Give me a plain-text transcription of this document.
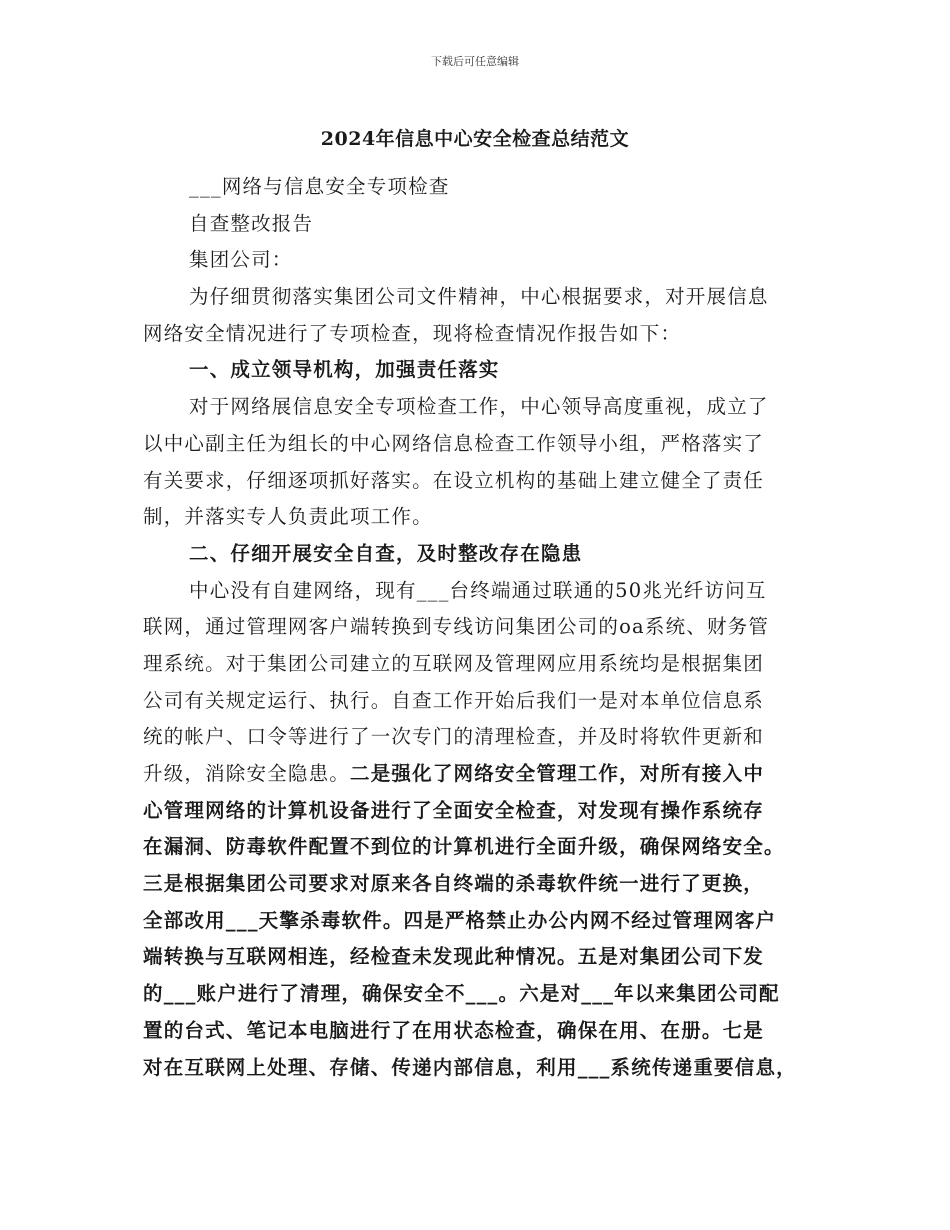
下载后可任意编辑
2024年信息中心安全检查总结范文
___网络与信息安全专项检查
自查整改报告
集团公司：
为仔细贯彻落实集团公司文件精神，中心根据要求，对开展信息
网络安全情况进行了专项检查，现将检查情况作报告如下：
一、成立领导机构，加强责任落实
对于网络展信息安全专项检查工作，中心领导高度重视，成立了
以中心副主任为组长的中心网络信息检查工作领导小组，严格落实了
有关要求，仔细逐项抓好落实。在设立机构的基础上建立健全了责任
制，并落实专人负责此项工作。
二、仔细开展安全自查，及时整改存在隐患
中心没有自建网络，现有___台终端通过联通的50兆光纤访问互
联网，通过管理网客户端转换到专线访问集团公司的oa系统、财务管
理系统。对于集团公司建立的互联网及管理网应用系统均是根据集团
公司有关规定运行、执行。自查工作开始后我们一是对本单位信息系
统的帐户、口令等进行了一次专门的清理检查，并及时将软件更新和
升级，消除安全隐患。二是强化了网络安全管理工作，对所有接入中
心管理网络的计算机设备进行了全面安全检查，对发现有操作系统存
在漏洞、防毒软件配置不到位的计算机进行全面升级，确保网络安全。
三是根据集团公司要求对原来各自终端的杀毒软件统一进行了更换，
全部改用___天擎杀毒软件。四是严格禁止办公内网不经过管理网客户
端转换与互联网相连，经检查未发现此种情况。五是对集团公司下发
的___账户进行了清理，确保安全不___。六是对___年以来集团公司配
置的台式、笔记本电脑进行了在用状态检查，确保在用、在册。七是
对在互联网上处理、存储、传递内部信息，利用___系统传递重要信息，
